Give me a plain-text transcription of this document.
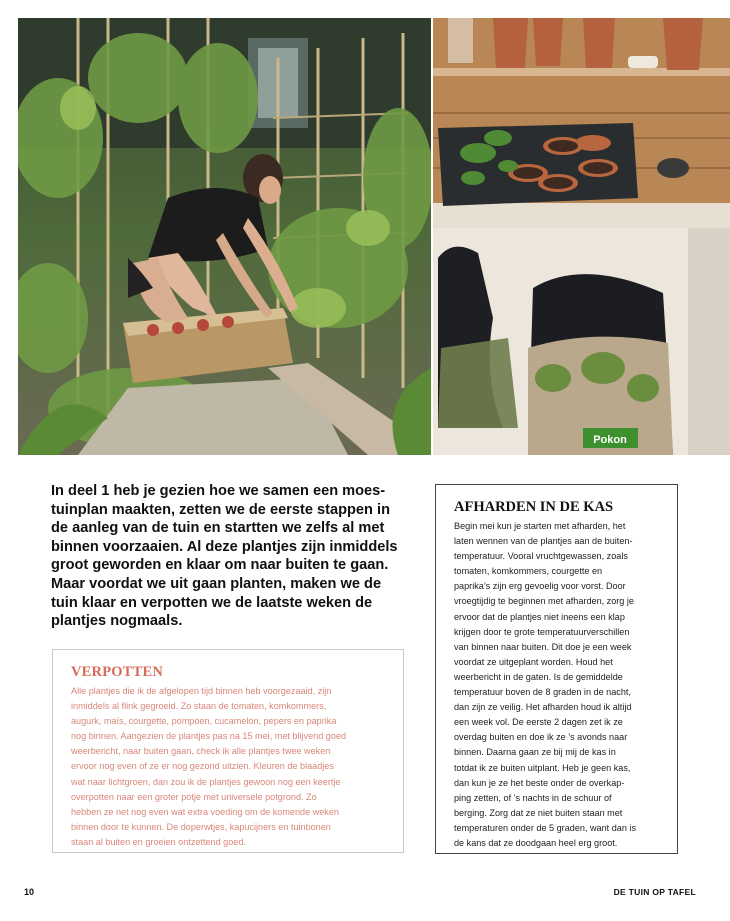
Pokon

In deel 1 heb je gezien hoe we samen een moes-
tuinplan maakten, zetten we de eerste stappen in
de aanleg van de tuin en startten we zelfs al met
binnen voorzaaien. Al deze plantjes zijn inmiddels
groot geworden en klaar om naar buiten te gaan.
Maar voordat we uit gaan planten, maken we de
tuin klaar en verpotten we de laatste weken de
plantjes nogmaals.

VERPOTTEN
Alle plantjes die ik de afgelopen tijd binnen heb voorgezaaid, zijn
inmiddels al flink gegroeid. Zo staan de tomaten, komkommers,
augurk, maïs, courgette, pompoen, cucamelon, pepers en paprika
nog binnen. Aangezien de plantjes pas na 15 mei, met blijvend goed
weerbericht, naar buiten gaan, check ik alle plantjes twee weken
ervoor nog even of ze er nog gezond uitzien. Kleuren de blaadjes
wat naar lichtgroen, dan zou ik de plantjes gewoon nog een keertje
overpotten naar een groter potje met universele potgrond. Zo
hebben ze net nog even wat extra voeding om de komende weken
binnen door te kunnen. De doperwtjes, kapucijners en tuinbonen
staan al buiten en groeien ontzettend goed.
AFHARDEN IN DE KAS
Begin mei kun je starten met afharden, het
laten wennen van de plantjes aan de buiten-
temperatuur. Vooral vruchtgewassen, zoals
tomaten, komkommers, courgette en
paprika’s zijn erg gevoelig voor vorst. Door
vroegtijdig te beginnen met afharden, zorg je
ervoor dat de plantjes niet ineens een klap
krijgen door te grote temperatuurverschillen
van binnen naar buiten. Dit doe je een week
voordat ze uitgeplant worden. Houd het
weerbericht in de gaten. Is de gemiddelde
temperatuur boven de 8 graden in de nacht,
dan zijn ze veilig. Het afharden houd ik altijd
een week vol. De eerste 2 dagen zet ik ze
overdag buiten en doe ik ze ’s avonds naar
binnen. Daarna gaan ze bij mij de kas in
totdat ik ze buiten uitplant. Heb je geen kas,
dan kun je ze het beste onder de overkap-
ping zetten, of ’s nachts in de schuur of
berging. Zorg dat ze niet buiten staan met
temperaturen onder de 5 graden, want dan is
de kans dat ze doodgaan heel erg groot.
10	DE TUIN OP TAFEL
